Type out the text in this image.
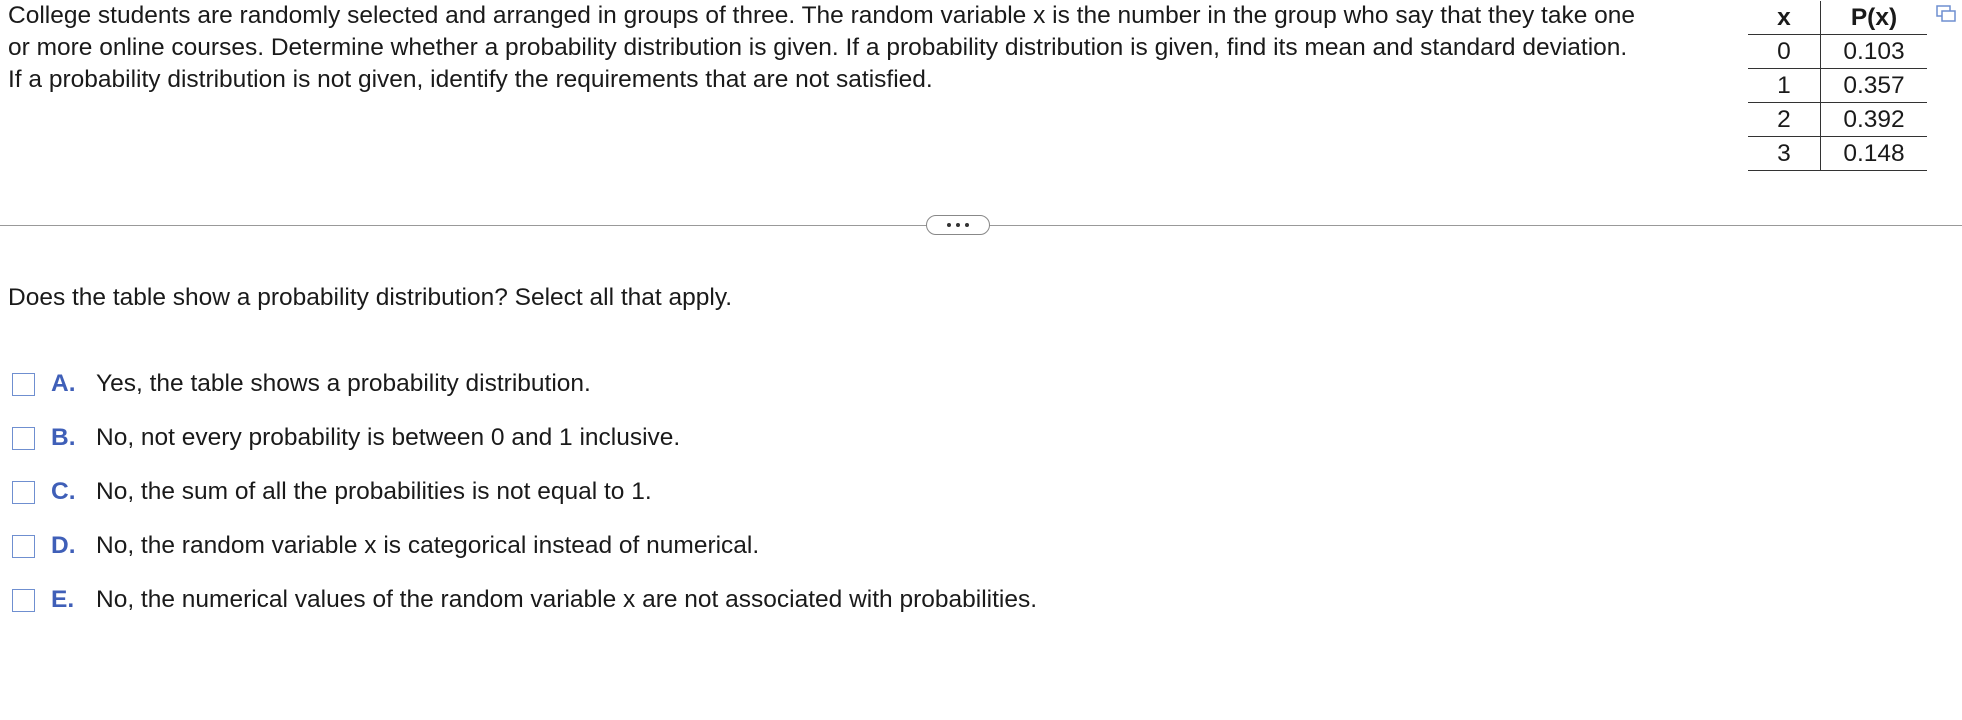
College students are randomly selected and arranged in groups of three. The random variable x is the number in the group who say that they take one
or more online courses. Determine whether a probability distribution is given. If a probability distribution is given, find its mean and standard deviation.
If a probability distribution is not given, identify the requirements that are not satisfied.

x	P(x)
0	0.103
1	0.357
2	0.392
3	0.148

Does the table show a probability distribution? Select all that apply.

A. Yes, the table shows a probability distribution.
B. No, not every probability is between 0 and 1 inclusive.
C. No, the sum of all the probabilities is not equal to 1.
D. No, the random variable x is categorical instead of numerical.
E. No, the numerical values of the random variable x are not associated with probabilities.
